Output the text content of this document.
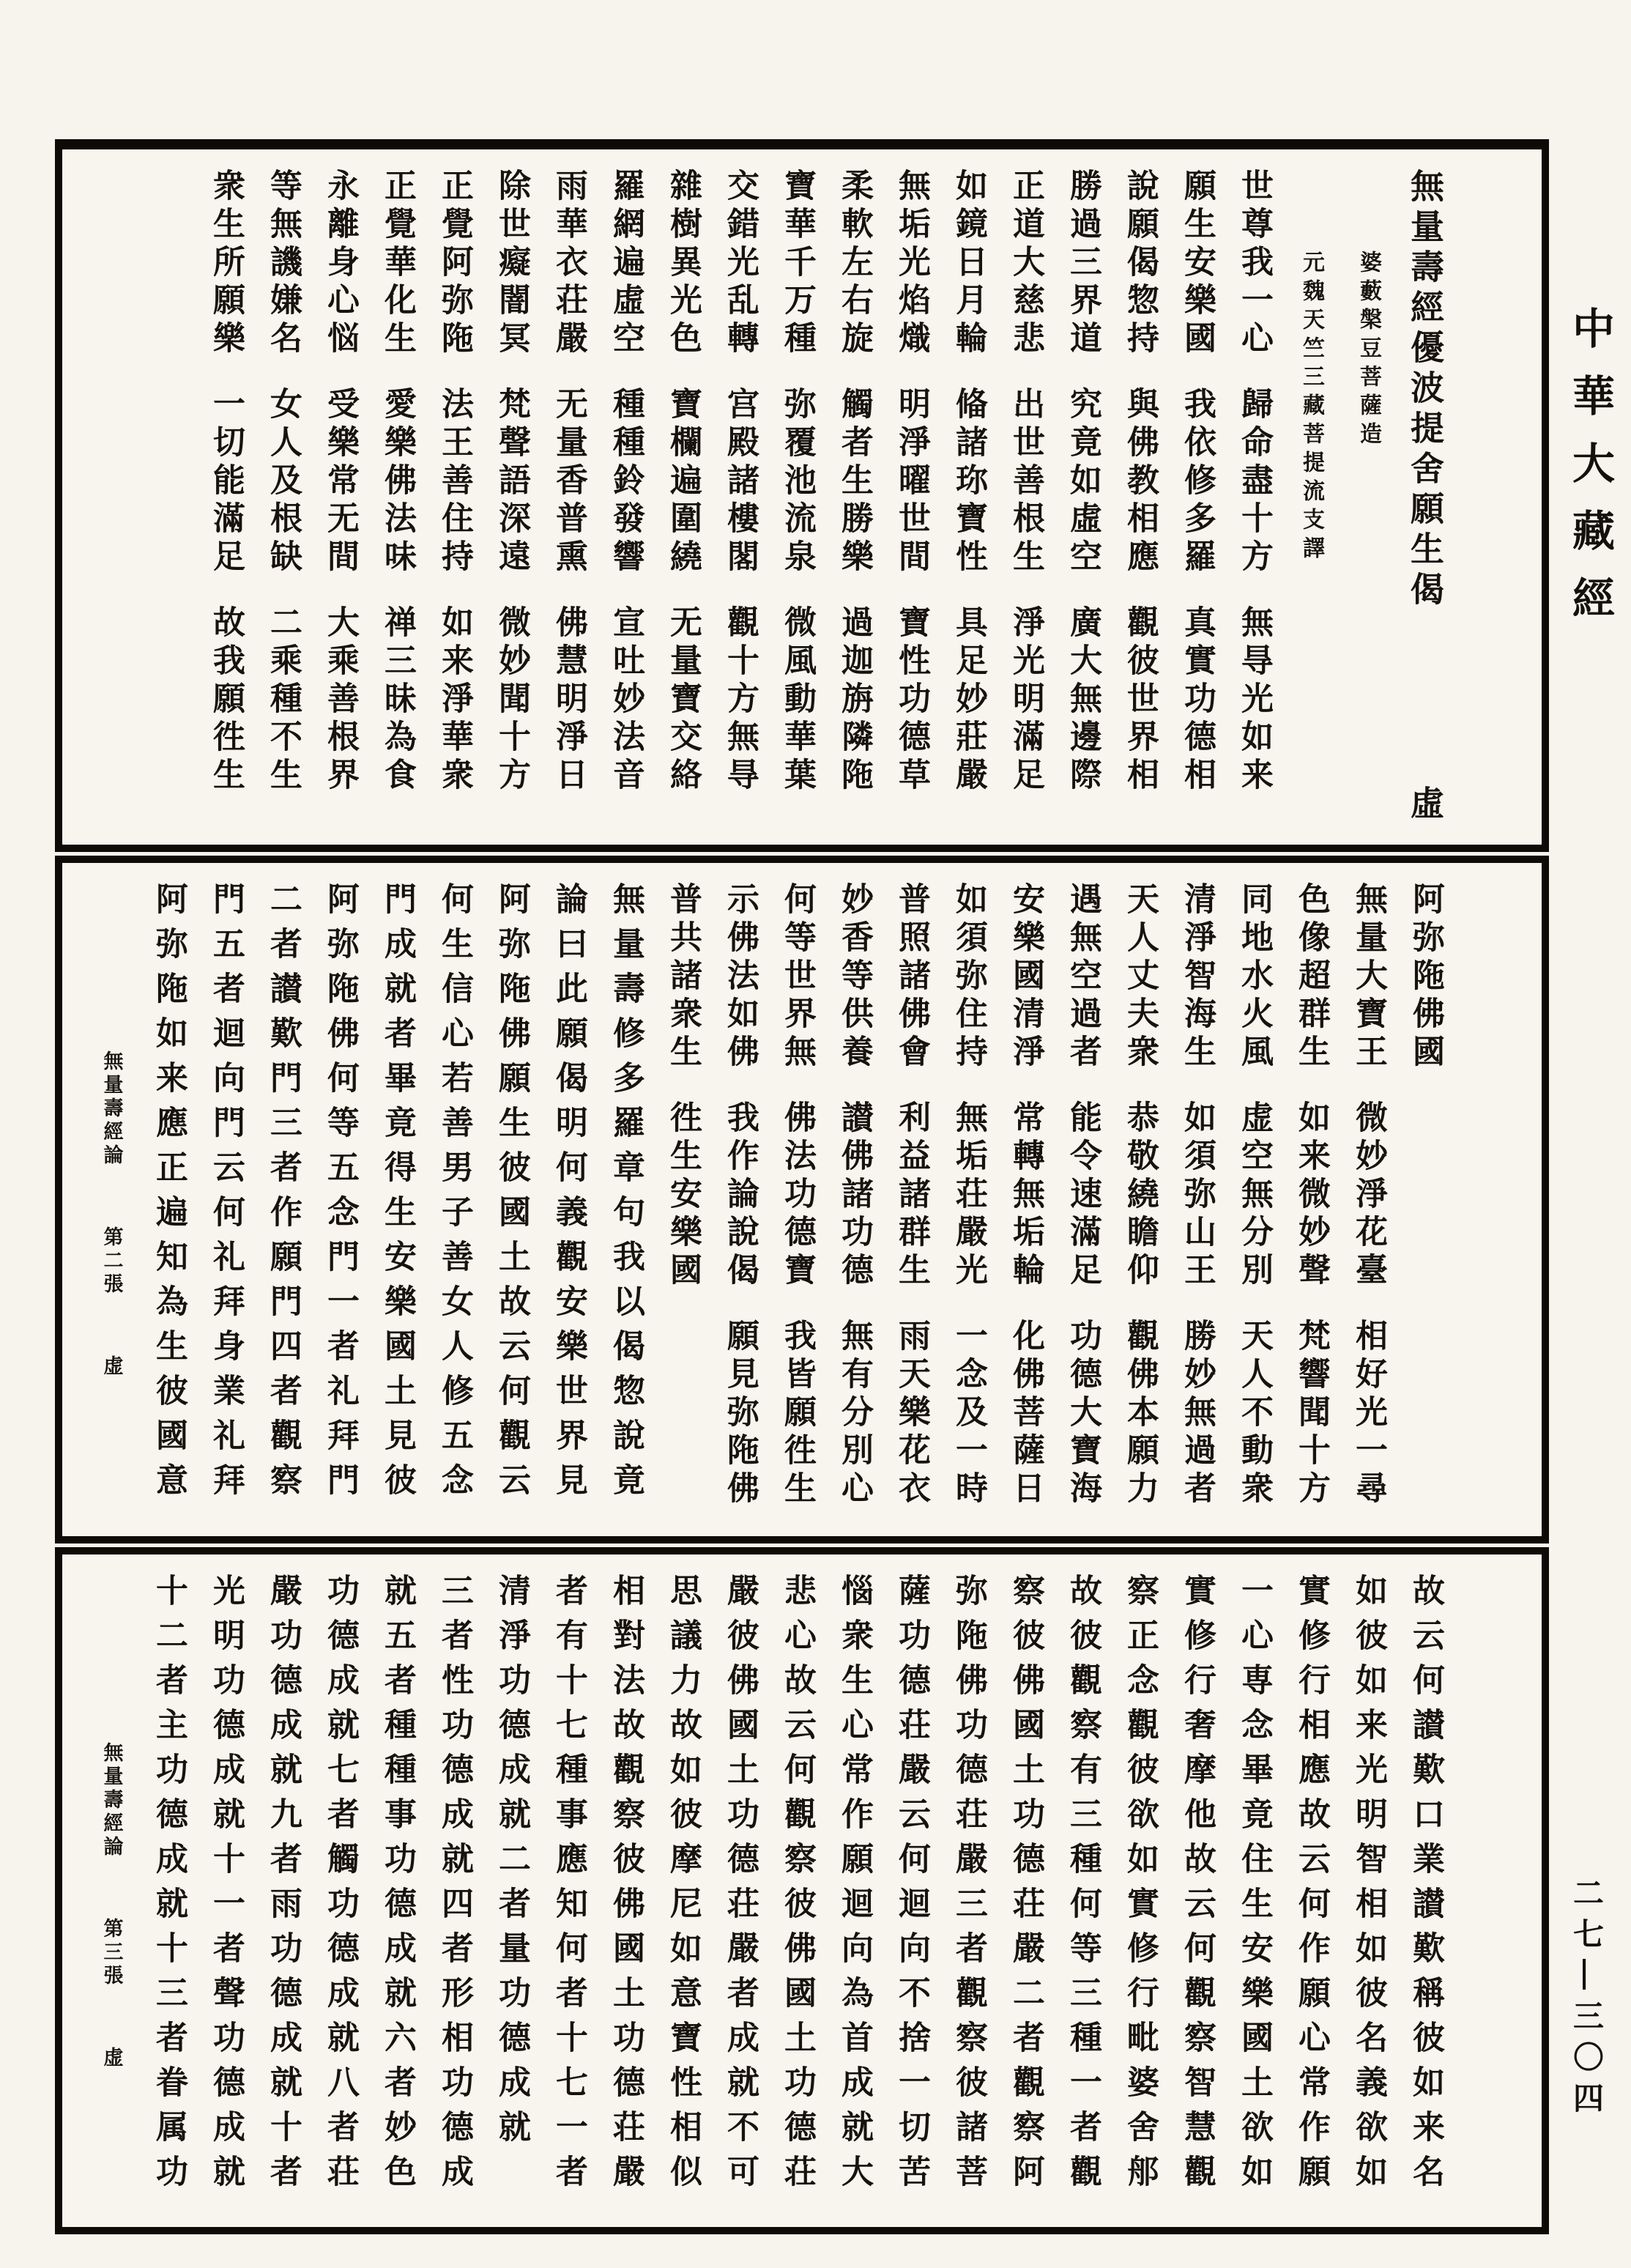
無量壽經優波提舍願生偈
虛
婆藪槃豆菩薩造
元魏天竺三藏菩提流支譯
世尊我一心
歸命盡十方
無㝵光如来
願生安樂國
我依修多羅
真實功德相
說願偈惣持
與佛教相應
觀彼世界相
勝過三界道
究竟如虛空
廣大無邊際
正道大慈悲
出世善根生
淨光明滿足
如鏡日月輪
偹諸珎寶性
具足妙莊嚴
無垢光焰熾
明淨曜世間
寶性功德草
柔軟左右旋
觸者生勝樂
過迦旃隣陁
寶華千万種
弥覆池流泉
微風動華葉
交錯光乱轉
宫殿諸樓閣
觀十方無㝵
雜樹異光色
寶欄遍圍繞
无量寶交絡
羅網遍虛空
種種鈴發響
宣吐妙法音
雨華衣荘嚴
无量香普熏
佛慧明淨日
除世癡闇冥
梵聲語深遠
微妙聞十方
正覺阿弥陁
法王善住持
如来淨華衆
正覺華化生
愛樂佛法味
禅三昧為食
永離身心悩
受樂常无間
大乘善根界
等無譏嫌名
女人及根缺
二乘種不生
衆生所願樂
一切能滿足
故我願徃生
阿弥陁佛國
無量大寶王
微妙淨花臺
相好光一尋
色像超群生
如来微妙聲
梵響聞十方
同地水火風
虚空無分別
天人不動衆
清淨智海生
如須弥山王
勝妙無過者
天人丈夫衆
恭敬繞瞻仰
觀佛本願力
遇無空過者
能令速滿足
功德大寶海
安樂國清淨
常轉無垢輪
化佛菩薩日
如須弥住持
無垢荘嚴光
一念及一時
普照諸佛會
利益諸群生
雨天樂花衣
妙香等供養
讃佛諸功德
無有分別心
何等世界無
佛法功德寶
我皆願徃生
示佛法如佛
我作論說偈
願見弥陁佛
普共諸衆生
徃生安樂國
無量壽修多羅章句我以偈惣說竟
論曰此願偈明何義觀安樂世界見
阿弥陁佛願生彼國土故云何觀云
何生信心若善男子善女人修五念
門成就者畢竟得生安樂國土見彼
阿弥陁佛何等五念門一者礼拜門
二者讃歎門三者作願門四者觀察
門五者迴向門云何礼拜身業礼拜
阿弥陁如来應正遍知為生彼國意
無量壽經論
第二張
虚
故云何讃歎口業讃歎稱彼如来名
如彼如来光明智相如彼名義欲如
實修行相應故云何作願心常作願
一心専念畢竟住生安樂國土欲如
實修行奢摩他故云何觀察智慧觀
察正念觀彼欲如實修行毗婆舍郍
故彼觀察有三種何等三種一者觀
察彼佛國土功德荘嚴二者觀察阿
弥陁佛功德荘嚴三者觀察彼諸菩
薩功德荘嚴云何迴向不捨一切苦
惱衆生心常作願迴向為首成就大
悲心故云何觀察彼佛國土功德荘
嚴彼佛國土功德荘嚴者成就不可
思議力故如彼摩尼如意寶性相似
相對法故觀察彼佛國土功德荘嚴
者有十七種事應知何者十七一者
清淨功德成就二者量功德成就
三者性功德成就四者形相功德成
就五者種種事功德成就六者妙色
功德成就七者觸功德成就八者荘
嚴功德成就九者雨功德成就十者
光明功德成就十一者聲功德成就
十二者主功德成就十三者眷属功
無量壽經論
第三張
虚
中華大藏經
二七—三〇四
